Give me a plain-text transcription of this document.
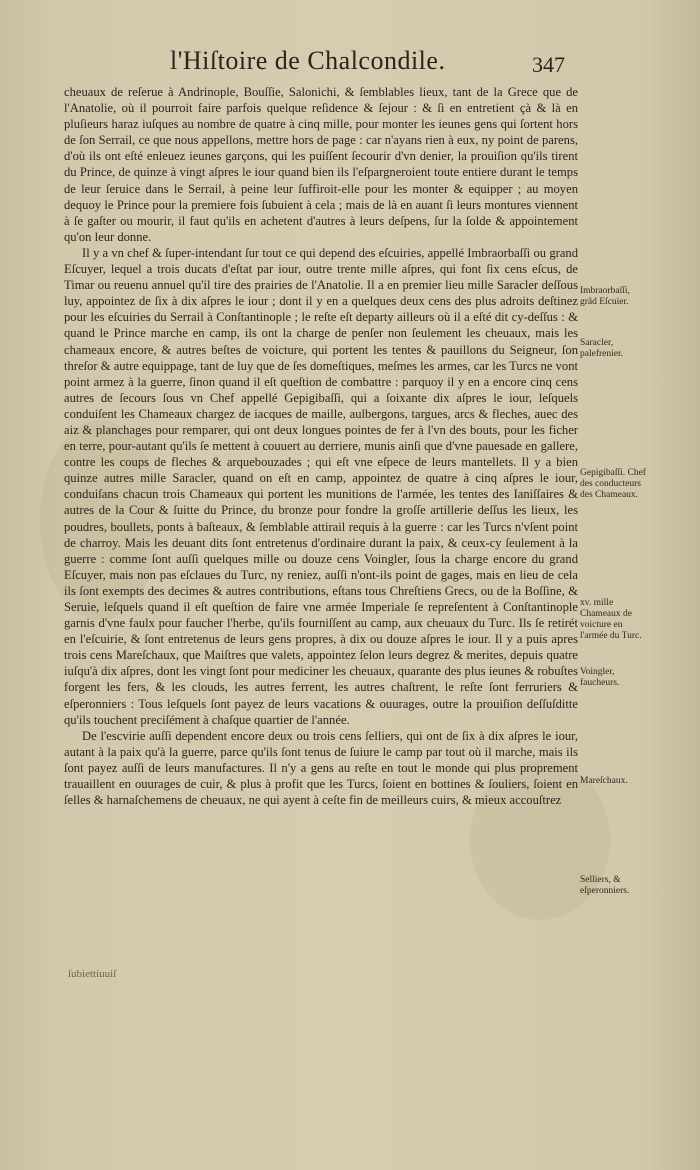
l'Hiſtoire de Chalcondile.	347

cheuaux de reſerue à Andrinople, Bouſſie, Salonichi, & ſemblables lieux, tant de la Grece que de l'Anatolie, où il pourroit faire parfois quelque reſidence & ſejour : & ſi en entretient çà & là en pluſieurs haraz iuſques au nombre de quatre à cinq mille, pour monter les ieunes gens qui ſortent hors de ſon Serrail, ce que nous appellons, mettre hors de page : car n'ayans rien à eux, ny point de parens, d'où ils ont eſté enleuez ieunes garçons, qui les puiſſent ſecourir d'vn denier, la prouiſion qu'ils tirent du Prince, de quinze à vingt aſpres le iour quand bien ils l'eſpargneroient toute entiere durant le temps de leur ſeruice dans le Serrail, à peine leur ſuffiroit-elle pour les monter & equipper ; au moyen dequoy le Prince pour la premiere fois ſubuient à cela ; mais de là en auant ſi leurs montures viennent à ſe gaſter ou mourir, il faut qu'ils en achetent d'autres à leurs deſpens, ſur la ſolde & appointement qu'on leur donne.

Il y a vn chef & ſuper-intendant ſur tout ce qui depend des eſcuiries, appellé Imbraorbaſſi ou grand Eſcuyer, lequel a trois ducats d'eſtat par iour, outre trente mille aſpres, qui font ſix cens eſcus, de Timar ou reuenu annuel qu'il tire des prairies de l'Anatolie. Il a en premier lieu mille Saracler deſſous luy, appointez de ſix à dix aſpres le iour ; dont il y en a quelques deux cens des plus adroits deſtinez pour les eſcuiries du Serrail à Conſtantinople ; le reſte eſt departy ailleurs où il a eſté dit cy-deſſus : & quand le Prince marche en camp, ils ont la charge de penſer non ſeulement les cheuaux, mais les chameaux encore, & autres beſtes de voicture, qui portent les tentes & pauillons du Seigneur, ſon threſor & autre equippage, tant de luy que de ſes domeſtiques, meſmes les armes, car les Turcs ne vont point armez à la guerre, ſinon quand il eſt queſtion de combattre : parquoy il y en a encore cinq cens autres de ſecours ſous vn Chef appellé Gepigibaſſi, qui a ſoixante dix aſpres le iour, leſquels conduiſent les Chameaux chargez de iacques de maille, aulbergons, targues, arcs & fleches, auec des aiz & planchages pour remparer, qui ont deux longues pointes de fer à l'vn des bouts, pour les ficher en terre, pour-autant qu'ils ſe mettent à couuert au derriere, munis ainſi que d'vne pauesade en gallere, contre les coups de fleches & arquebouzades ; qui eſt vne eſpece de leurs mantellets. Il y a bien quinze autres mille Saracler, quand on eſt en camp, appointez de quatre à cinq aſpres le iour, conduiſans chacun trois Chameaux qui portent les munitions de l'armée, les tentes des Ianiſſaires & autres de la Cour & ſuitte du Prince, du bronze pour fondre la groſſe artillerie deſſus les lieux, les poudres, boullets, ponts à baſteaux, & ſemblable attirail requis à la guerre : car les Turcs n'vſent point de charroy. Mais les deuant dits ſont entretenus d'ordinaire durant la paix, & ceux-cy ſeulement à la guerre : comme ſont auſſi quelques mille ou douze cens Voingler, ſous la charge encore du grand Eſcuyer, mais non pas eſclaues du Turc, ny reniez, auſſi n'ont-ils point de gages, mais en lieu de cela ils ſont exempts des decimes & autres contributions, eſtans tous Chreſtiens Grecs, ou de la Boſſine, & Seruie, leſquels quand il eſt queſtion de faire vne armée Imperiale ſe repreſentent à Conſtantinople garnis d'vne faulx pour faucher l'herbe, qu'ils fourniſſent au camp, aux cheuaux du Turc. Ils ſe retirét en l'eſcuirie, & ſont entretenus de leurs gens propres, à dix ou douze aſpres le iour. Il y a puis apres trois cens Mareſchaux, que Maiſtres que valets, appointez ſelon leurs degrez & merites, depuis quatre iuſqu'à dix aſpres, dont les vingt ſont pour mediciner les cheuaux, quarante des plus ieunes & robuſtes forgent les fers, & les clouds, les autres ferrent, les autres chaſtrent, le reſte ſont ferruriers & eſperonniers : Tous leſquels ſont payez de leurs vacations & ouurages, outre la prouiſion deſſuſditte qu'ils touchent preciſément à chaſque quartier de l'année.

De l'escvirie auſſi dependent encore deux ou trois cens ſelliers, qui ont de ſix à dix aſpres le iour, autant à la paix qu'à la guerre, parce qu'ils ſont tenus de ſuiure le camp par tout où il marche, mais ils ſont payez auſſi de leurs manufactures. Il n'y a gens au reſte en tout le monde qui plus proprement trauaillent en ouurages de cuir, & plus à profit que les Turcs, ſoient en bottines & ſouliers, ſoient en ſelles & harnaſchemens de cheuaux, ne qui ayent à ceſte fin de meilleurs cuirs, & mieux accouſtrez

Imbraorbaſſi, grãd Eſcuier.
Saracler, palefrenier.
Gepigibaſſi. Chef des conducteurs des Chameaux.
xv. mille Chameaux de voicture en l'armée du Turc.
Voingler, faucheurs.
Mareſchaux.
Selliers, & eſperonniers.
ſubiettiuuiſ
